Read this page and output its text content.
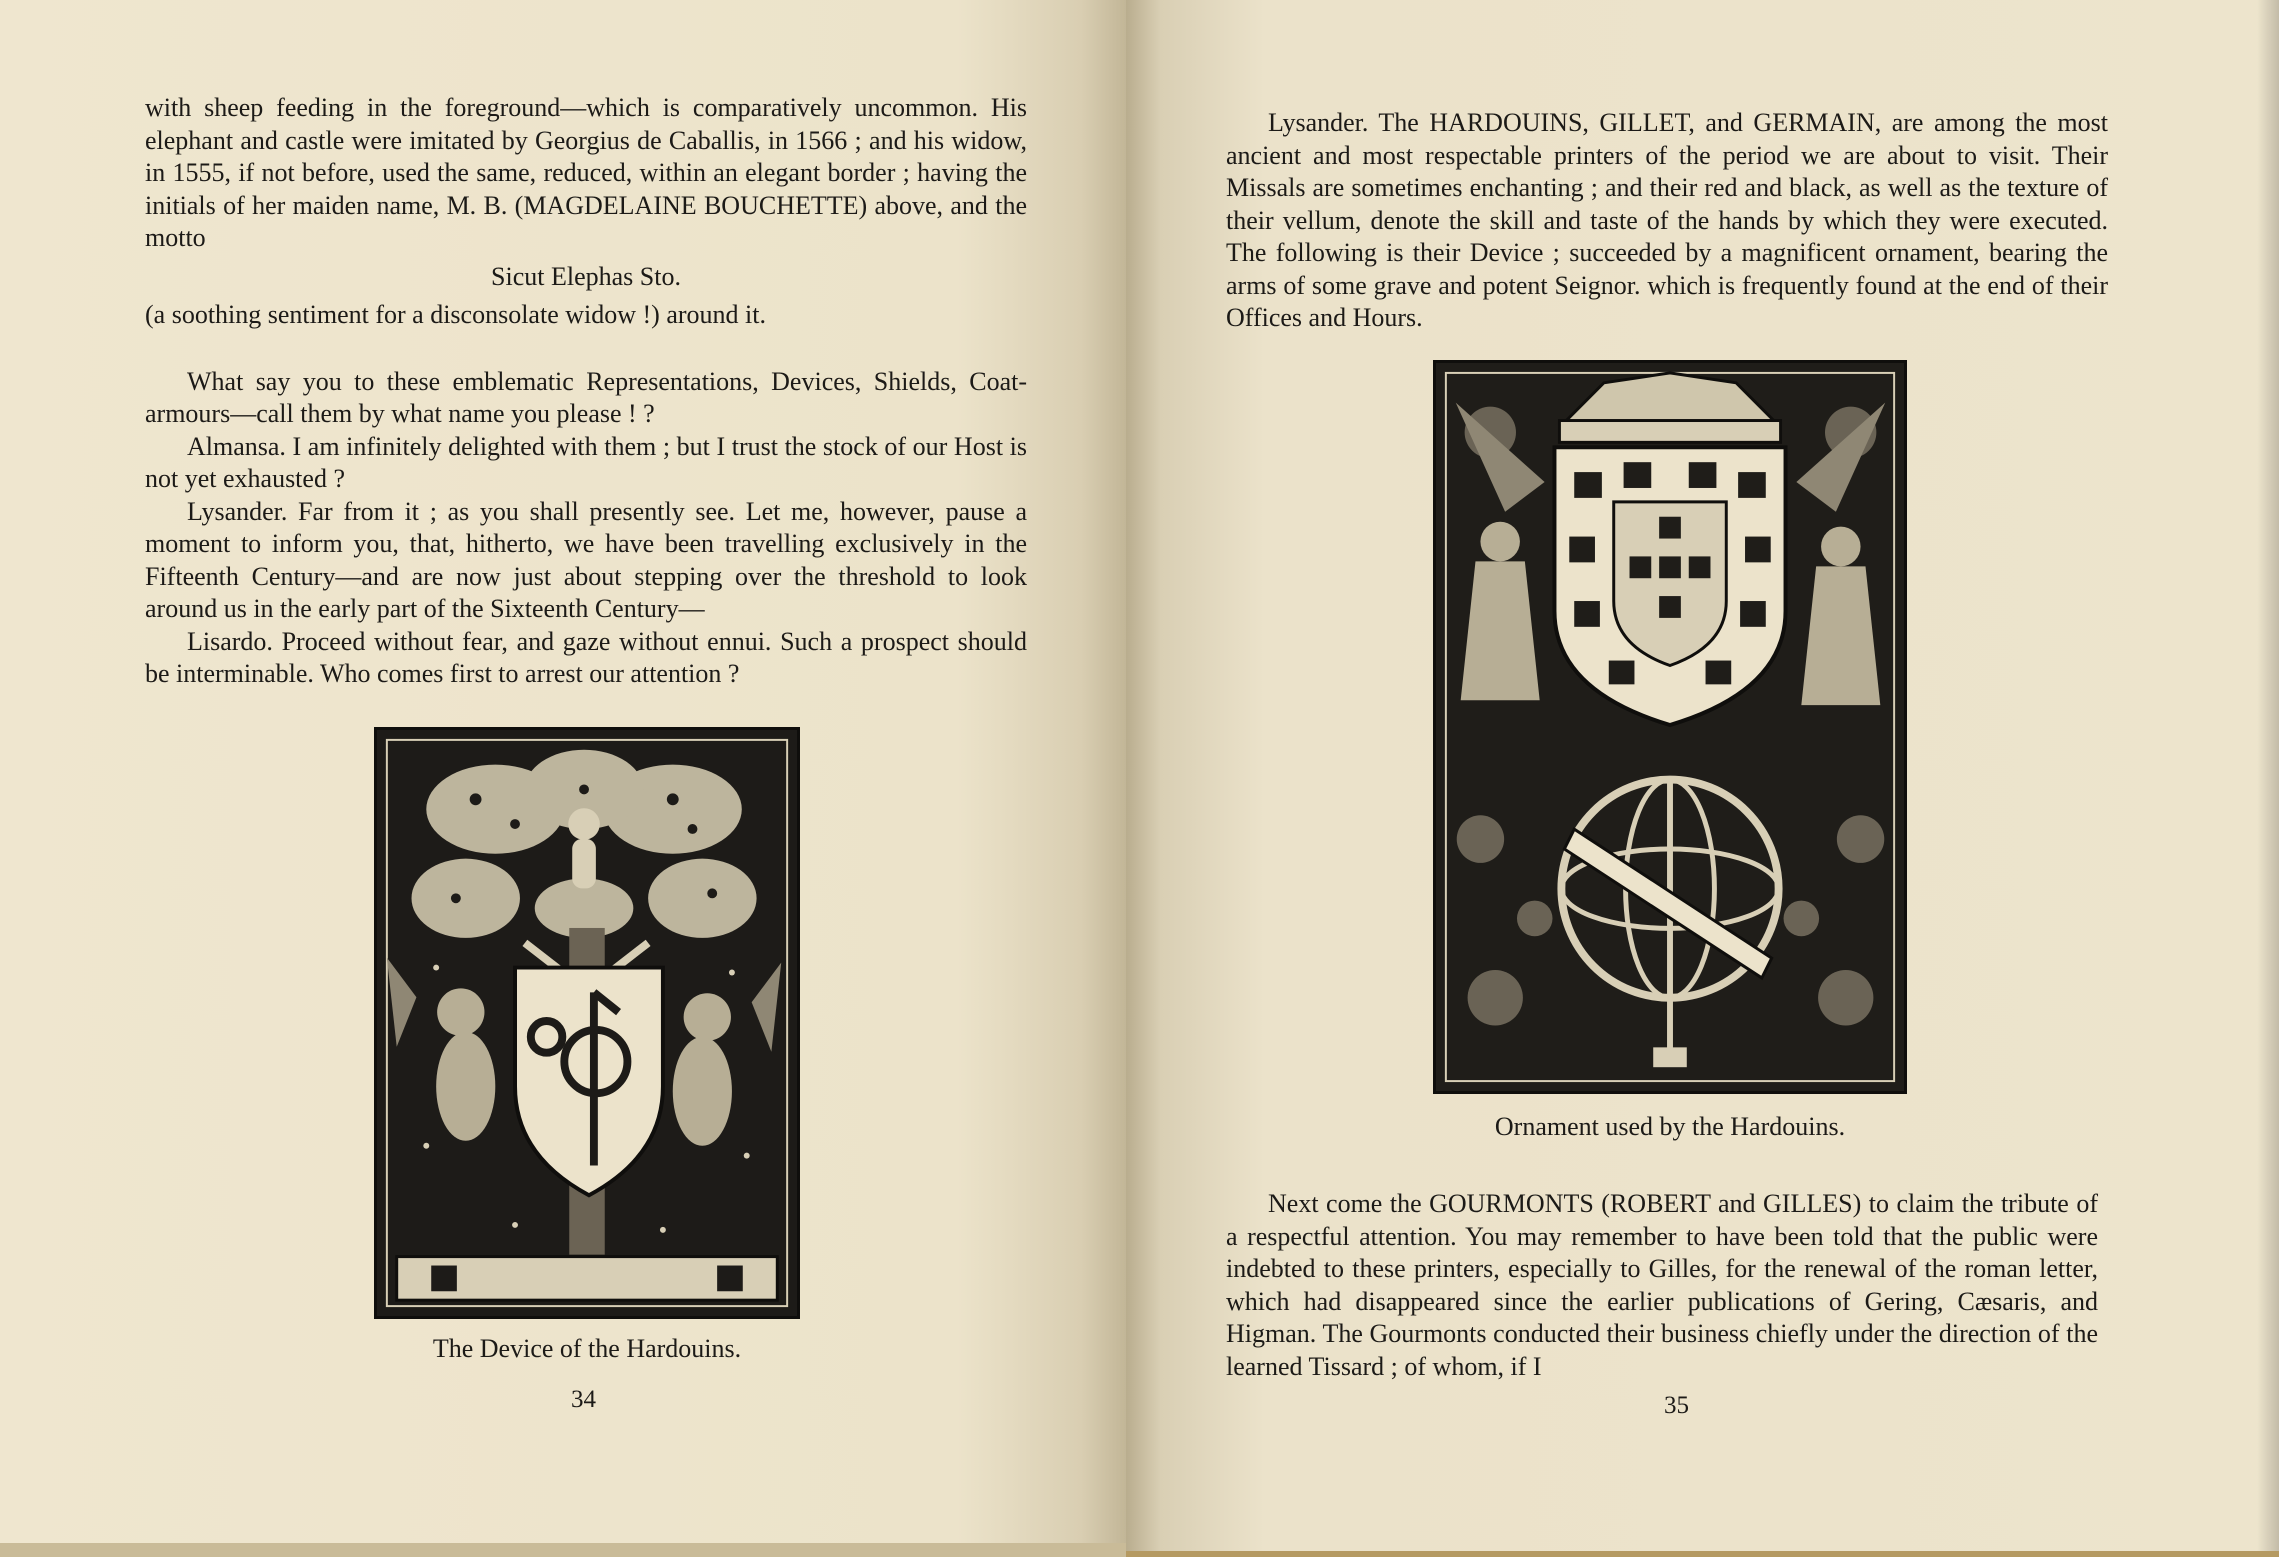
with sheep feeding in the foreground—which is comparatively uncommon. His elephant and castle were imitated by Georgius de Caballis, in 1566 ; and his widow, in 1555, if not before, used the same, reduced, within an elegant border ; having the initials of her maiden name, M. B. (MAGDELAINE BOUCHETTE) above, and the motto

Sicut Elephas Sto.

(a soothing sentiment for a disconsolate widow !) around it.

What say you to these emblematic Representations, Devices, Shields, Coat-armours—call them by what name you please ! ?

Almansa. I am infinitely delighted with them ; but I trust the stock of our Host is not yet exhausted ?

Lysander. Far from it ; as you shall presently see. Let me, however, pause a moment to inform you, that, hitherto, we have been travelling exclusively in the Fifteenth Century—and are now just about stepping over the threshold to look around us in the early part of the Sixteenth Century—

Lisardo. Proceed without fear, and gaze without ennui. Such a prospect should be interminable. Who comes first to arrest our attention ?

The Device of the Hardouins.
34

Lysander. The HARDOUINS, GILLET, and GERMAIN, are among the most ancient and most respectable printers of the period we are about to visit. Their Missals are sometimes enchanting ; and their red and black, as well as the texture of their vellum, denote the skill and taste of the hands by which they were executed. The following is their Device ; succeeded by a magnificent ornament, bearing the arms of some grave and potent Seignor. which is frequently found at the end of their Offices and Hours.

Ornament used by the Hardouins.

Next come the GOURMONTS (ROBERT and GILLES) to claim the tribute of a respectful attention. You may remember to have been told that the public were indebted to these printers, especially to Gilles, for the renewal of the roman letter, which had disappeared since the earlier publications of Gering, Cæsaris, and Higman. The Gourmonts conducted their business chiefly under the direction of the learned Tissard ; of whom, if I

35
